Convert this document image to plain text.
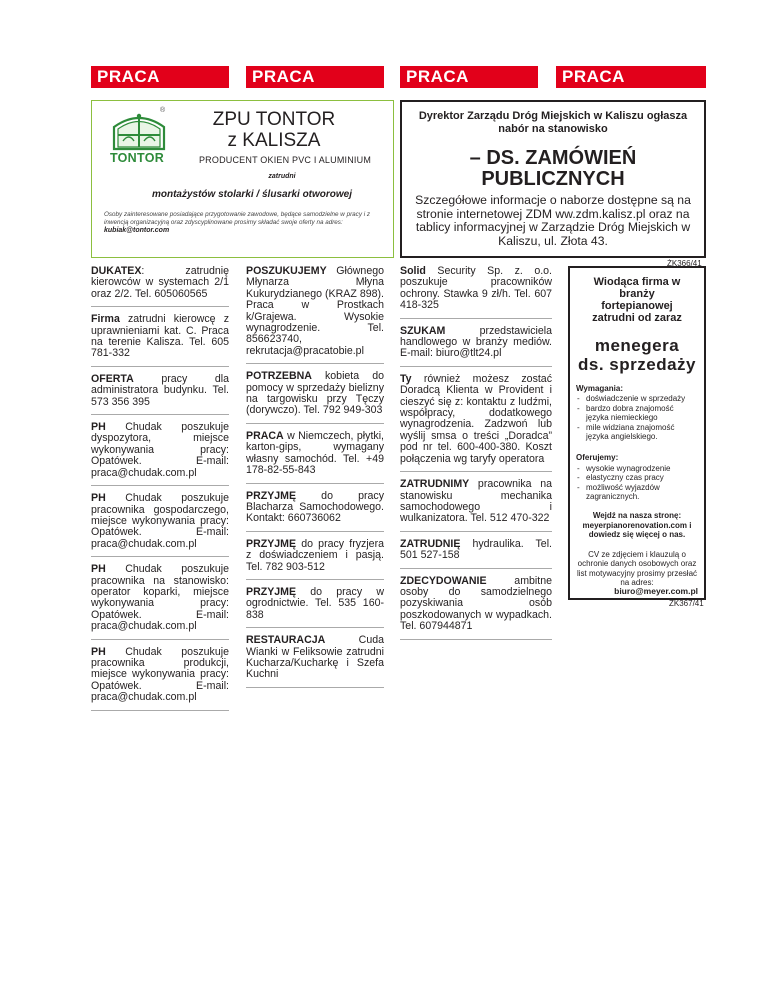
PRACA	PRACA	PRACA	PRACA
TONTOR
®	ZPU TONTOR
z KALISZA
PRODUCENT OKIEN PVC I ALUMINIUM
zatrudni
montażystów stolarki / ślusarki otworowej
Osoby zainteresowane posiadające przygotowanie zawodowe, będące samodzielne w pracy i z inwencją organizacyjną oraz zdyscyplinowane prosimy składać swoje oferty na adres: kubiak@tontor.com
Dyrektor Zarządu Dróg Miejskich w Kaliszu ogłasza nabór na stanowisko
– DS. ZAMÓWIEŃ
PUBLICZNYCH
Szczegółowe informacje o naborze dostępne są na stronie internetowej ZDM ww.zdm.kalisz.pl oraz na tablicy informacyjnej w Zarządzie Dróg Miejskich w Kaliszu, ul. Złota 43.
ŻK366/41
DUKATEX: zatrudnię kierowców w systemach 2/1 oraz 2/2. Tel. 605060565
Firma zatrudni kierowcę z uprawnieniami kat. C. Praca na terenie Kalisza. Tel. 605 781-332
OFERTA pracy dla administratora budynku. Tel. 573 356 395
PH Chudak poszukuje dyspozytora, miejsce wykonywania pracy: Opatówek. E-mail: praca@chudak.com.pl
PH Chudak poszukuje pracownika gospodarczego, miejsce wykonywania pracy: Opatówek. E-mail: praca@chudak.com.pl
PH Chudak poszukuje pracownika na stanowisko: operator koparki, miejsce wykonywania pracy: Opatówek. E-mail: praca@chudak.com.pl
PH Chudak poszukuje pracownika produkcji, miejsce wykonywania pracy: Opatówek. E-mail: praca@chudak.com.pl
POSZUKUJEMY Głównego Młynarza Młyna Kukurydzianego (KRAZ 898). Praca w Prostkach k/Grajewa. Wysokie wynagrodzenie. Tel. 856623740, rekrutacja@pracatobie.pl
POTRZEBNA kobieta do pomocy w sprzedaży bielizny na targowisku przy Tęczy (dorywczo). Tel. 792 949-303
PRACA w Niemczech, płytki, karton-gips, wymagany własny samochód. Tel. +49 178-82-55-843
PRZYJMĘ do pracy Blacharza Samochodowego. Kontakt: 660736062
PRZYJMĘ do pracy fryzjera z doświadczeniem i pasją. Tel. 782 903-512
PRZYJMĘ do pracy w ogrodnictwie. Tel. 535 160-838
RESTAURACJA Cuda Wianki w Feliksowie zatrudni Kucharza/Kucharkę i Szefa Kuchni
Solid Security Sp. z. o.o. poszukuje pracowników ochrony. Stawka 9 zł/h. Tel. 607 418-325
SZUKAM przedstawiciela handlowego w branży mediów. E-mail: biuro@tlt24.pl
Ty również możesz zostać Doradcą Klienta w Provident i cieszyć się z: kontaktu z ludźmi, współpracy, dodatkowego wynagrodzenia. Zadzwoń lub wyślij smsa o treści „Doradca” pod nr tel. 600-400-380. Koszt połączenia wg taryfy operatora
ZATRUDNIMY pracownika na stanowisku mechanika samochodowego i wulkanizatora. Tel. 512 470-322
ZATRUDNIĘ hydraulika. Tel. 501 527-158
ZDECYDOWANIE ambitne osoby do samodzielnego pozyskiwania osób poszkodowanych w wypadkach. Tel. 607944871
Wiodąca firma w branży fortepianowej zatrudni od zaraz
menegera
ds. sprzedaży
Wymagania:
- doświadczenie w sprzedaży
- bardzo dobra znajomość języka niemieckiego
- mile widziana znajomość języka angielskiego.
Oferujemy:
- wysokie wynagrodzenie
- elastyczny czas pracy
- możliwość wyjazdów zagranicznych.
Wejdź na nasza stronę: meyerpianorenovation.com i dowiedz się więcej o nas.
CV ze zdjęciem i klauzulą o ochronie danych osobowych oraz list motywacyjny prosimy przesłać na adres:
biuro@meyer.com.pl
ŻK367/41
